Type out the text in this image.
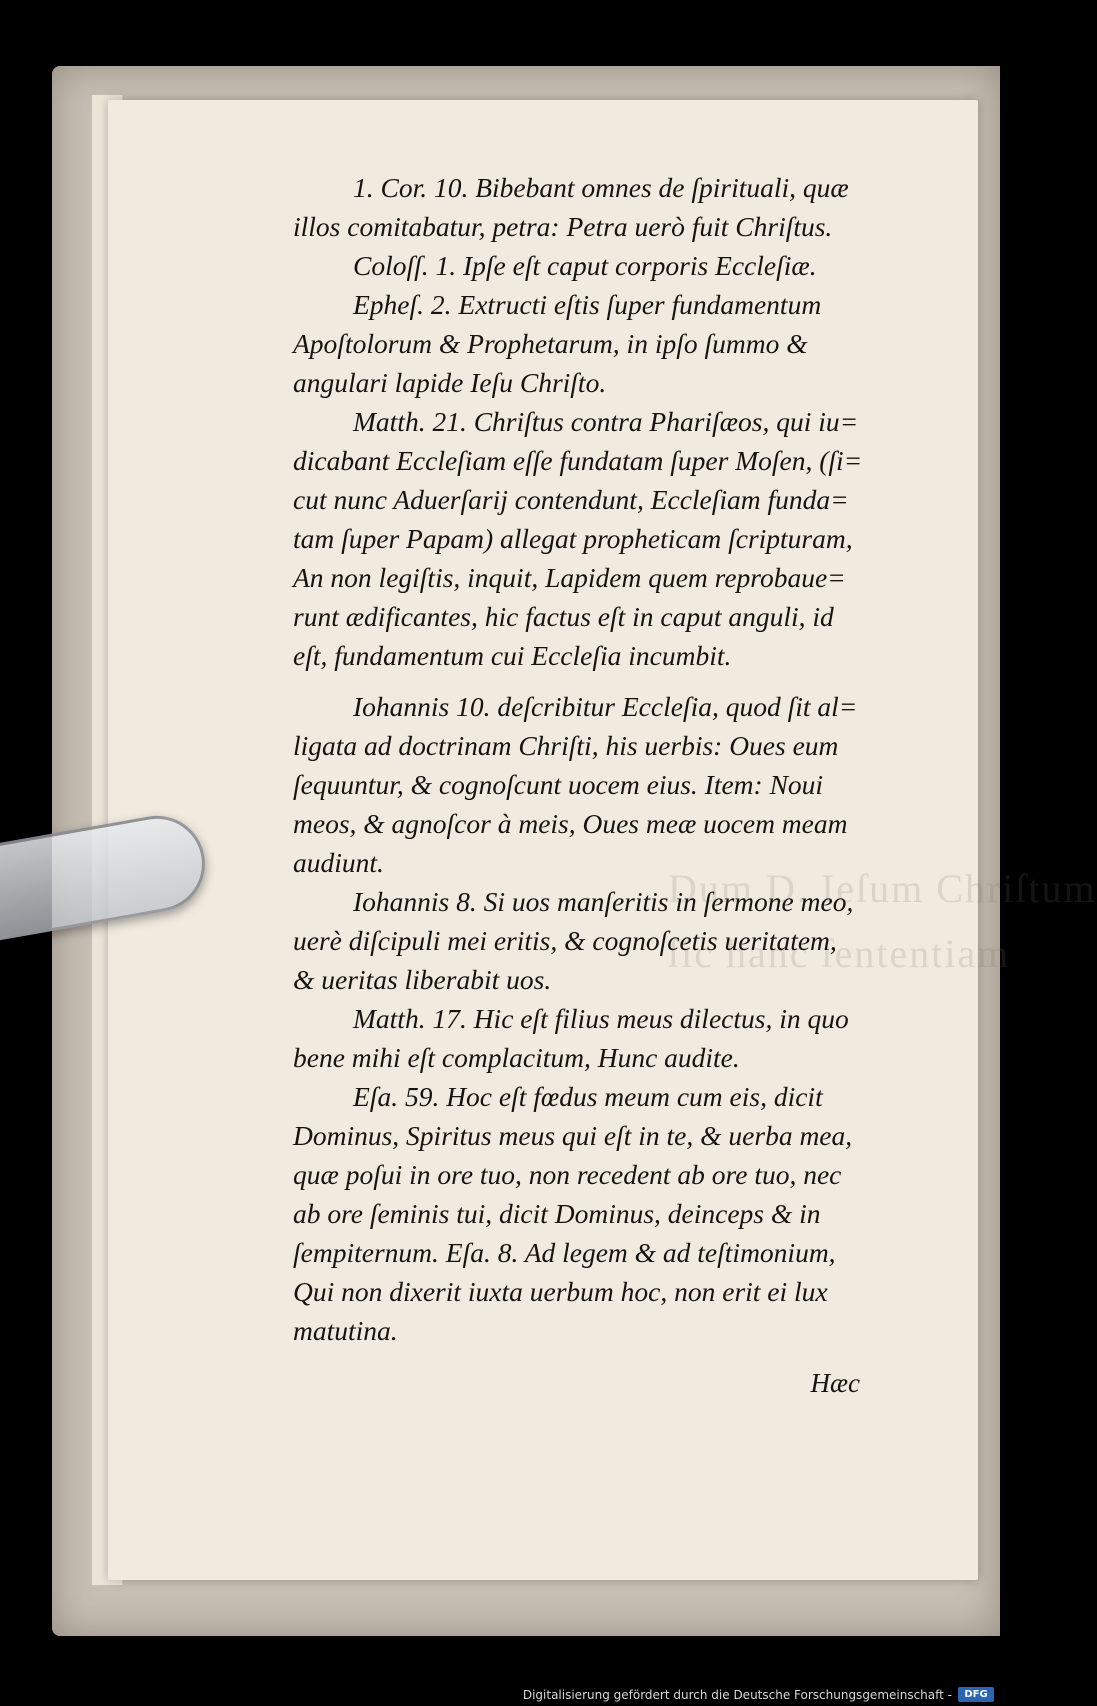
Dum D. Ieſum Chriſtum
ſic hanc ſententiam
1. Cor. 10. Bibebant omnes de ſpirituali, quæ
illos comitabatur, petra: Petra uerò fuit Chriſtus.
Coloſſ. 1. Ipſe eſt caput corporis Eccleſiæ.
Epheſ. 2. Extructi eſtis ſuper fundamentum
Apoſtolorum & Prophetarum, in ipſo ſummo &
angulari lapide Ieſu Chriſto.
Matth. 21. Chriſtus contra Phariſæos, qui iu=
dicabant Eccleſiam eſſe fundatam ſuper Moſen, (ſi=
cut nunc Aduerſarij contendunt, Eccleſiam funda=
tam ſuper Papam) allegat propheticam ſcripturam,
An non legiſtis, inquit, Lapidem quem reprobaue=
runt ædificantes, hic factus eſt in caput anguli, id
eſt, fundamentum cui Eccleſia incumbit.
Iohannis 10. deſcribitur Eccleſia, quod ſit al=
ligata ad doctrinam Chriſti, his uerbis: Oues eum
ſequuntur, & cognoſcunt uocem eius. Item: Noui
meos, & agnoſcor à meis, Oues meæ uocem meam
audiunt.
Iohannis 8. Si uos manſeritis in ſermone meo,
uerè diſcipuli mei eritis, & cognoſcetis ueritatem,
& ueritas liberabit uos.
Matth. 17. Hic eſt filius meus dilectus, in quo
bene mihi eſt complacitum, Hunc audite.
Eſa. 59. Hoc eſt fœdus meum cum eis, dicit
Dominus, Spiritus meus qui eſt in te, & uerba mea,
quæ poſui in ore tuo, non recedent ab ore tuo, nec
ab ore ſeminis tui, dicit Dominus, deinceps & in
ſempiternum. Eſa. 8. Ad legem & ad teſtimonium,
Qui non dixerit iuxta uerbum hoc, non erit ei lux
matutina.
Hæc
Digitalisierung gefördert durch die Deutsche Forschungsgemeinschaft -	DFG
